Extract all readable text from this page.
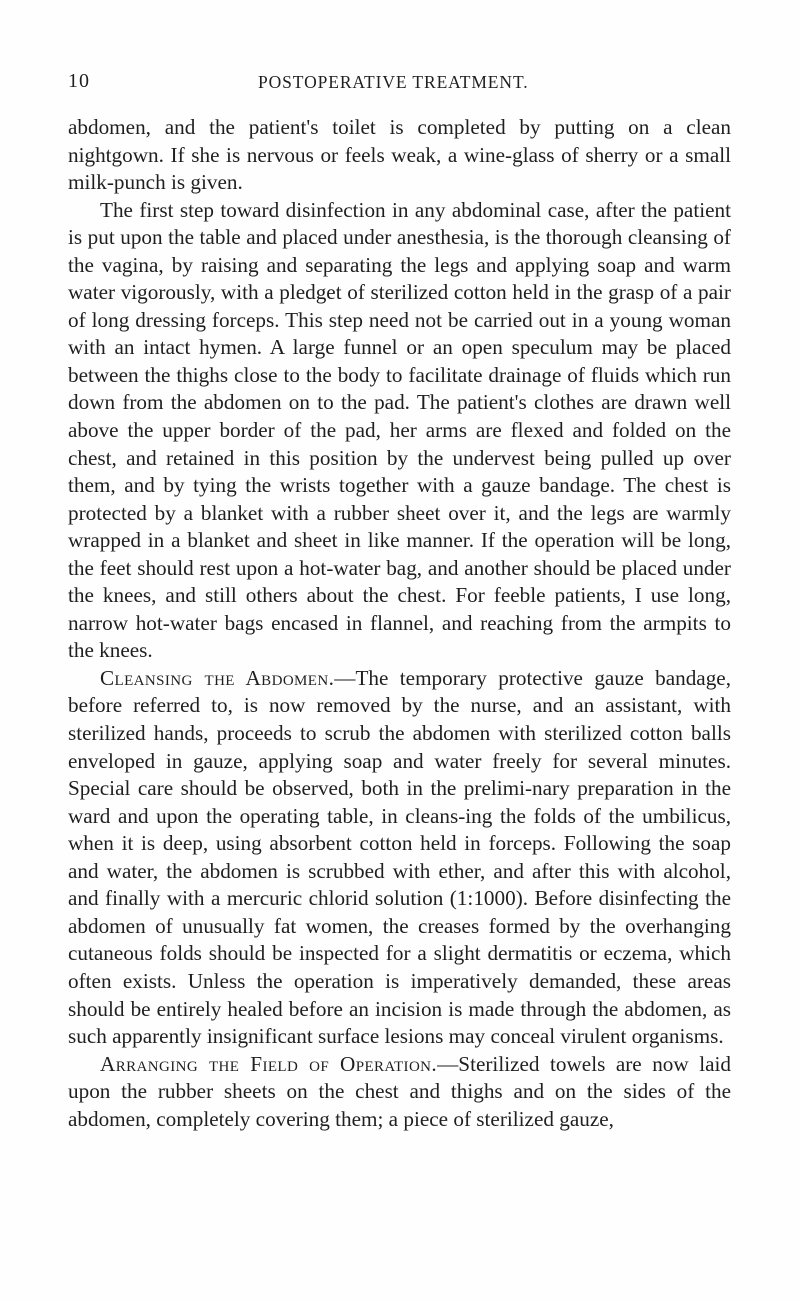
10	POSTOPERATIVE TREATMENT.

abdomen, and the patient's toilet is completed by putting on a clean nightgown. If she is nervous or feels weak, a wine-glass of sherry or a small milk-punch is given.

The first step toward disinfection in any abdominal case, after the patient is put upon the table and placed under anesthesia, is the thorough cleansing of the vagina, by raising and separating the legs and applying soap and warm water vigorously, with a pledget of sterilized cotton held in the grasp of a pair of long dressing forceps. This step need not be carried out in a young woman with an intact hymen. A large funnel or an open speculum may be placed between the thighs close to the body to facilitate drainage of fluids which run down from the abdomen on to the pad. The patient's clothes are drawn well above the upper border of the pad, her arms are flexed and folded on the chest, and retained in this position by the undervest being pulled up over them, and by tying the wrists together with a gauze bandage. The chest is protected by a blanket with a rubber sheet over it, and the legs are warmly wrapped in a blanket and sheet in like manner. If the operation will be long, the feet should rest upon a hot-water bag, and another should be placed under the knees, and still others about the chest. For feeble patients, I use long, narrow hot-water bags encased in flannel, and reaching from the armpits to the knees.

Cleansing the Abdomen.—The temporary protective gauze bandage, before referred to, is now removed by the nurse, and an assistant, with sterilized hands, proceeds to scrub the abdomen with sterilized cotton balls enveloped in gauze, applying soap and water freely for several minutes. Special care should be observed, both in the prelimi-nary preparation in the ward and upon the operating table, in cleans-ing the folds of the umbilicus, when it is deep, using absorbent cotton held in forceps. Following the soap and water, the abdomen is scrubbed with ether, and after this with alcohol, and finally with a mercuric chlorid solution (1:1000). Before disinfecting the abdomen of unusually fat women, the creases formed by the overhanging cutaneous folds should be inspected for a slight dermatitis or eczema, which often exists. Unless the operation is imperatively demanded, these areas should be entirely healed before an incision is made through the abdomen, as such apparently insignificant surface lesions may conceal virulent organisms.

Arranging the Field of Operation.—Sterilized towels are now laid upon the rubber sheets on the chest and thighs and on the sides of the abdomen, completely covering them; a piece of sterilized gauze,
